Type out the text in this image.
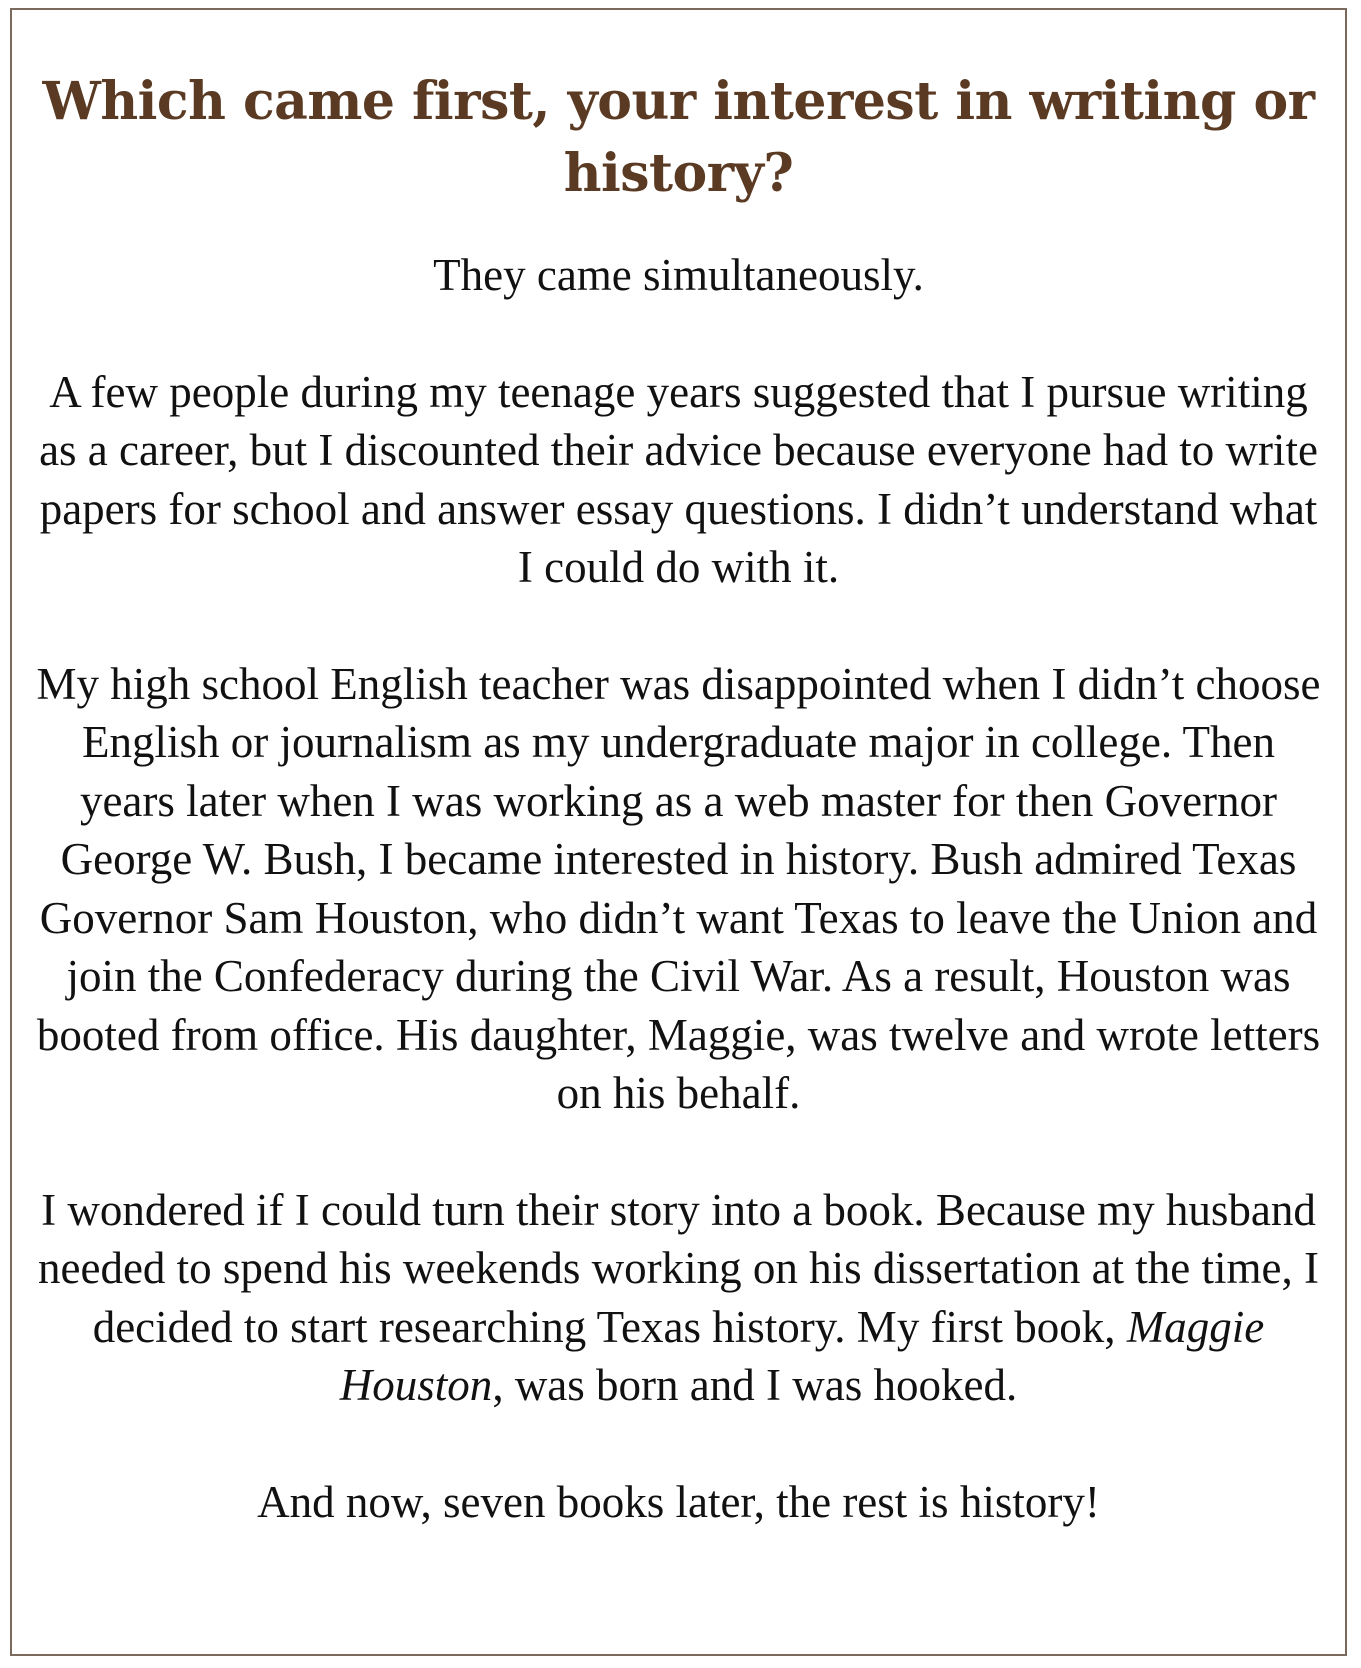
Which came first, your interest in writing or history?

They came simultaneously.

A few people during my teenage years suggested that I pursue writing as a career, but I discounted their advice because everyone had to write papers for school and answer essay questions. I didn’t understand what I could do with it.

My high school English teacher was disappointed when I didn’t choose English or journalism as my undergraduate major in college. Then years later when I was working as a web master for then Governor George W. Bush, I became interested in history. Bush admired Texas Governor Sam Houston, who didn’t want Texas to leave the Union and join the Confederacy during the Civil War. As a result, Houston was booted from office. His daughter, Maggie, was twelve and wrote letters on his behalf.

I wondered if I could turn their story into a book. Because my husband needed to spend his weekends working on his dissertation at the time, I decided to start researching Texas history. My first book, Maggie Houston, was born and I was hooked.

And now, seven books later, the rest is history!
